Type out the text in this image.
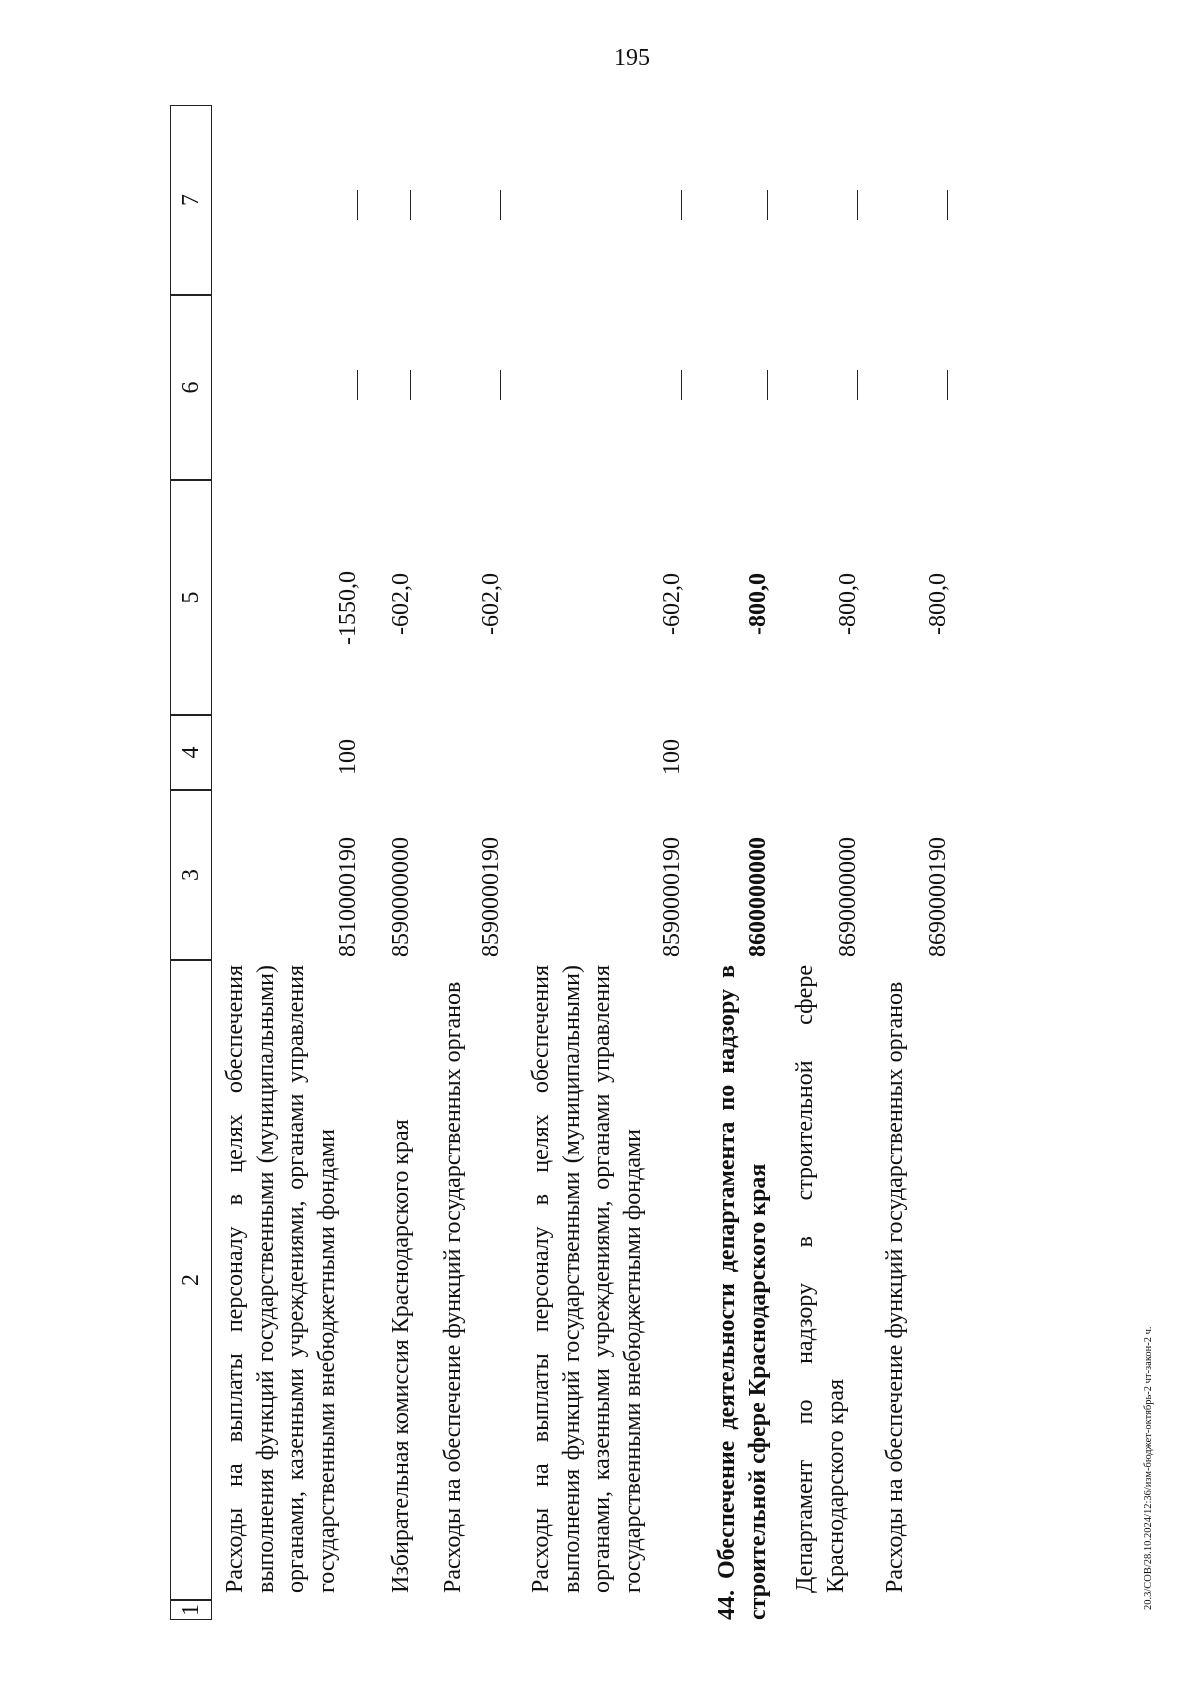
195
20.3/СОВ/28.10.2024/12:36/изм-бюджет-октябрь-2 чт-закон-2 ч.
1
2
3
4
5
6
7
Расходы на выплаты персоналу в целях обеспечения выполнения функций государственными (муниципальными) органами, казенными учреждениями, органами управления государственными внебюджетными фондами
8510000190
100
-1550,0
Избирательная комиссия Краснодарского края
8590000000
-602,0
Расходы на обеспечение функций государственных органов
8590000190
-602,0
Расходы на выплаты персоналу в целях обеспечения выполнения функций государственными (муниципальными) органами, казенными учреждениями, органами управления государственными внебюджетными фондами
8590000190
100
-602,0
44. Обеспечение деятельности департамента по надзору в строительной сфере Краснодарского края
8600000000
-800,0
Департамент по надзору в строительной сфере Краснодарского края
8690000000
-800,0
Расходы на обеспечение функций государственных органов
8690000190
-800,0
